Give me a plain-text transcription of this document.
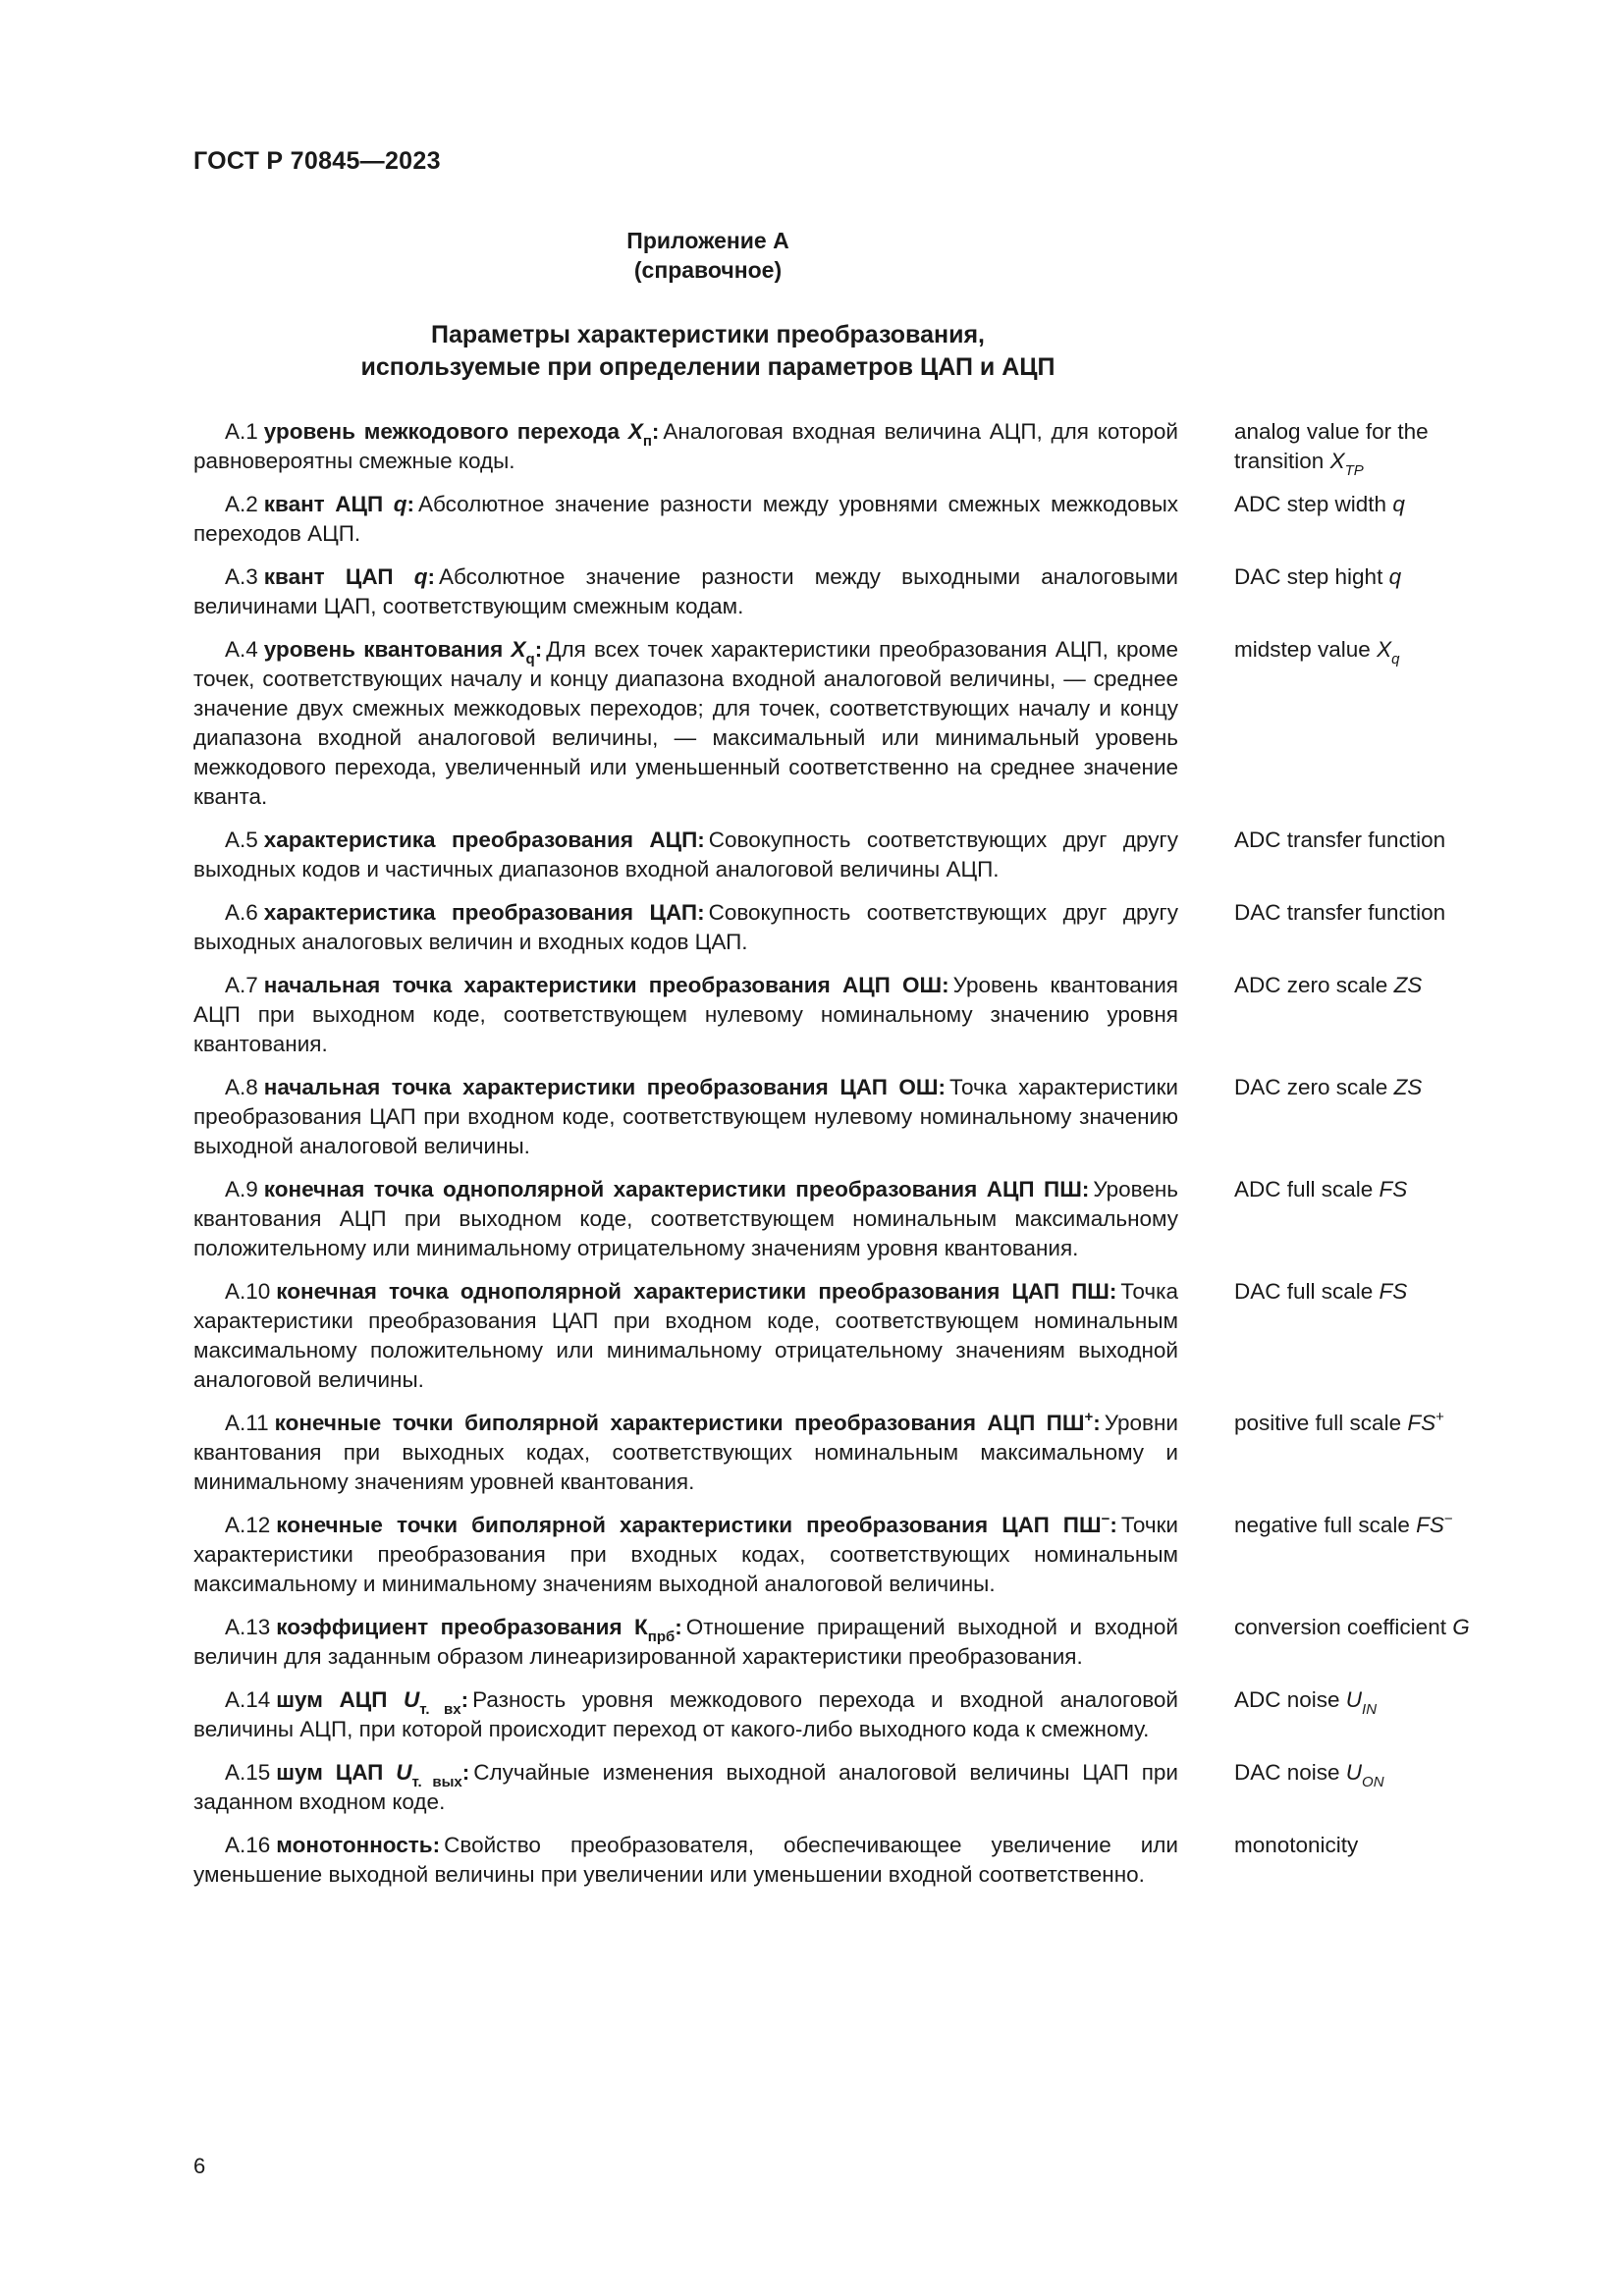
ГОСТ Р 70845—2023
Приложение А
(справочное)
Параметры характеристики преобразования,
используемые при определении параметров ЦАП и АЦП
А.1 уровень межкодового перехода $X_п$: Аналоговая входная величина АЦП, для которой равновероятны смежные коды.
analog value for the transition $X_{TP}$
А.2 квант АЦП q: Абсолютное значение разности между уровнями смежных межкодовых переходов АЦП.
ADC step width q
А.3 квант ЦАП q: Абсолютное значение разности между выходными аналоговыми величинами ЦАП, соответствующим смежным кодам.
DAC step hight q
А.4 уровень квантования $X_q$: Для всех точек характеристики преобразования АЦП, кроме точек, соответствующих началу и концу диапазона входной аналоговой величины, — среднее значение двух смежных межкодовых переходов; для точек, соответствующих началу и концу диапазона входной аналоговой величины, — максимальный или минимальный уровень межкодового перехода, увеличенный или уменьшенный соответственно на среднее значение кванта.
midstep value $X_q$
А.5 характеристика преобразования АЦП: Совокупность соответствующих друг другу выходных кодов и частичных диапазонов входной аналоговой величины АЦП.
ADC transfer function
А.6 характеристика преобразования ЦАП: Совокупность соответствующих друг другу выходных аналоговых величин и входных кодов ЦАП.
DAC transfer function
А.7 начальная точка характеристики преобразования АЦП ОШ: Уровень квантования АЦП при выходном коде, соответствующем нулевому номинальному значению уровня квантования.
ADC zero scale ZS
А.8 начальная точка характеристики преобразования ЦАП ОШ: Точка характеристики преобразования ЦАП при входном коде, соответствующем нулевому номинальному значению выходной аналоговой величины.
DAC zero scale ZS
А.9 конечная точка однополярной характеристики преобразования АЦП ПШ: Уровень квантования АЦП при выходном коде, соответствующем номинальным максимальному положительному или минимальному отрицательному значениям уровня квантования.
ADC full scale FS
А.10 конечная точка однополярной характеристики преобразования ЦАП ПШ: Точка характеристики преобразования ЦАП при входном коде, соответствующем номинальным максимальному положительному или минимальному отрицательному значениям выходной аналоговой величины.
DAC full scale FS
А.11 конечные точки биполярной характеристики преобразования АЦП ПШ+: Уровни квантования при выходных кодах, соответствующих номинальным максимальному и минимальному значениям уровней квантования.
positive full scale FS+
А.12 конечные точки биполярной характеристики преобразования ЦАП ПШ−: Точки характеристики преобразования при входных кодах, соответствующих номинальным максимальному и минимальному значениям выходной аналоговой величины.
negative full scale FS−
А.13 коэффициент преобразования $К_{прб}$: Отношение приращений выходной и входной величин для заданным образом линеаризированной характеристики преобразования.
conversion coefficient G
А.14 шум АЦП $U_{т. вх}$: Разность уровня межкодового перехода и входной аналоговой величины АЦП, при которой происходит переход от какого-либо выходного кода к смежному.
ADC noise $U_{IN}$
А.15 шум ЦАП $U_{т. вых}$: Случайные изменения выходной аналоговой величины ЦАП при заданном входном коде.
DAC noise $U_{ON}$
А.16 монотонность: Свойство преобразователя, обеспечивающее увеличение или уменьшение выходной величины при увеличении или уменьшении входной соответственно.
monotonicity
6
